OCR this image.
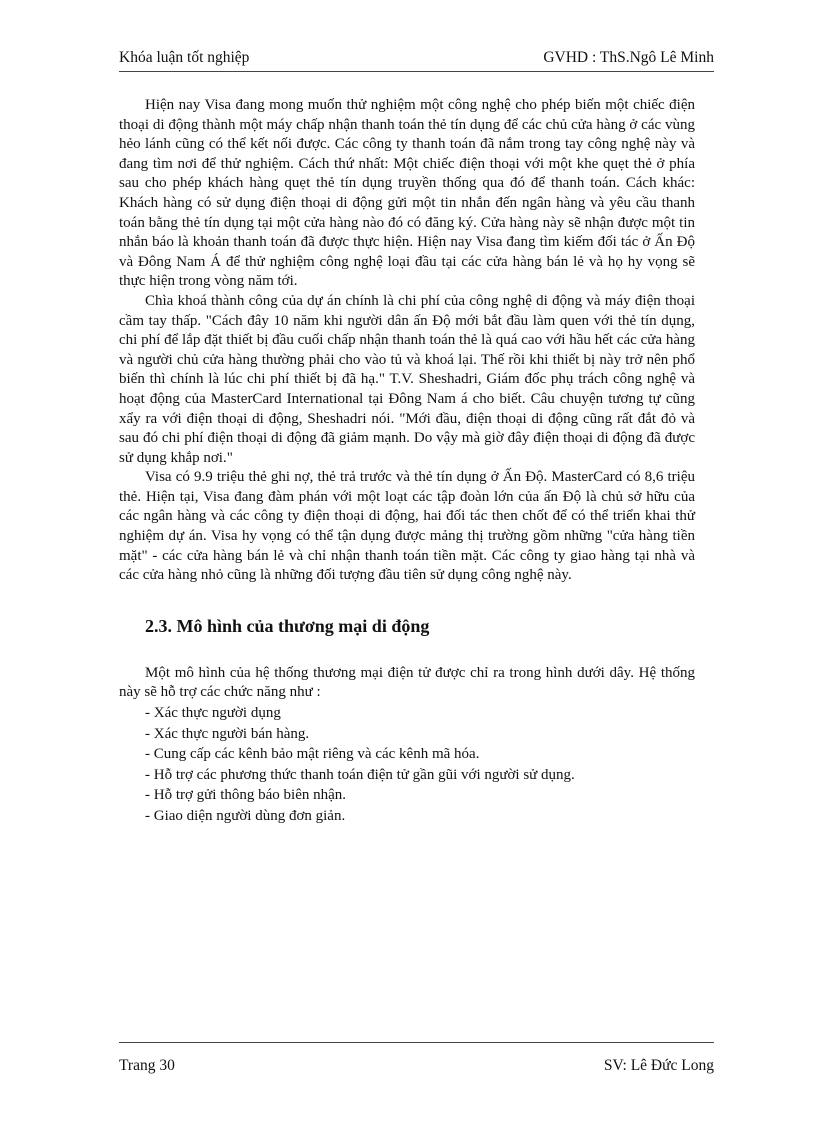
Khóa luận tốt nghiệp	GVHD : ThS.Ngô Lê Minh

Hiện nay Visa đang mong muốn thử nghiệm một công nghệ cho phép biến một chiếc điện thoại di động thành một máy chấp nhận thanh toán thẻ tín dụng để các chủ cửa hàng ở các vùng hẻo lánh cũng có thể kết nối được. Các công ty thanh toán đã nắm trong tay công nghệ này và đang tìm nơi để thử nghiệm. Cách thứ nhất: Một chiếc điện thoại với một khe quẹt thẻ ở phía sau cho phép khách hàng quẹt thẻ tín dụng truyền thống qua đó để thanh toán. Cách khác: Khách hàng có sử dụng điện thoại di động gửi một tin nhắn đến ngân hàng và yêu cầu thanh toán bằng thẻ tín dụng tại một cửa hàng nào đó có đăng ký. Cửa hàng này sẽ nhận được một tin nhắn báo là khoản thanh toán đã được thực hiện. Hiện nay Visa đang tìm kiếm đối tác ở Ấn Độ và Đông Nam Á để thử nghiệm công nghệ loại đầu tại các cửa hàng bán lẻ và họ hy vọng sẽ thực hiện trong vòng năm tới.

Chìa khoá thành công của dự án chính là chi phí của công nghệ di động và máy điện thoại cầm tay thấp. "Cách đây 10 năm khi người dân ấn Độ mới bắt đầu làm quen với thẻ tín dụng, chi phí để lắp đặt thiết bị đầu cuối chấp nhận thanh toán thẻ là quá cao với hầu hết các cửa hàng và người chủ cửa hàng thường phải cho vào tủ và khoá lại. Thế rồi khi thiết bị này trở nên phổ biến thì chính là lúc chi phí thiết bị đã hạ." T.V. Sheshadri, Giám đốc phụ trách công nghệ và hoạt động của MasterCard International tại Đông Nam á cho biết. Câu chuyện tương tự cũng xẩy ra với điện thoại di động, Sheshadri nói. "Mới đầu, điện thoại di động cũng rất đắt đỏ và sau đó chi phí điện thoại di động đã giảm mạnh. Do vậy mà giờ đây điện thoại di động đã được sử dụng khắp nơi."

Visa có 9.9 triệu thẻ ghi nợ, thẻ trả trước và thẻ tín dụng ở Ấn Độ. MasterCard có 8,6 triệu thẻ. Hiện tại, Visa đang đàm phán với một loạt các tập đoàn lớn của ấn Độ là chủ sở hữu của các ngân hàng và các công ty điện thoại di động, hai đối tác then chốt để có thể triển khai thử nghiệm dự án. Visa hy vọng có thể tận dụng được mảng thị trường gồm những "cửa hàng tiền mặt" - các cửa hàng bán lẻ và chỉ nhận thanh toán tiền mặt. Các công ty giao hàng tại nhà và các cửa hàng nhỏ cũng là những đối tượng đầu tiên sử dụng công nghệ này.

2.3. Mô hình của thương mại di động

Một mô hình của hệ thống thương mại điện tử được chỉ ra trong hình dưới dây. Hệ thống này sẽ hỗ trợ các chức năng như :

- Xác thực người dụng
- Xác thực người bán hàng.
- Cung cấp các kênh bảo mật riêng và các kênh mã hóa.
- Hỗ trợ các phương thức thanh toán điện tử gần gũi với người sử dụng.
- Hỗ trợ gửi thông báo biên nhận.
- Giao diện người dùng đơn giản.
Trang 30	SV: Lê Đức Long
